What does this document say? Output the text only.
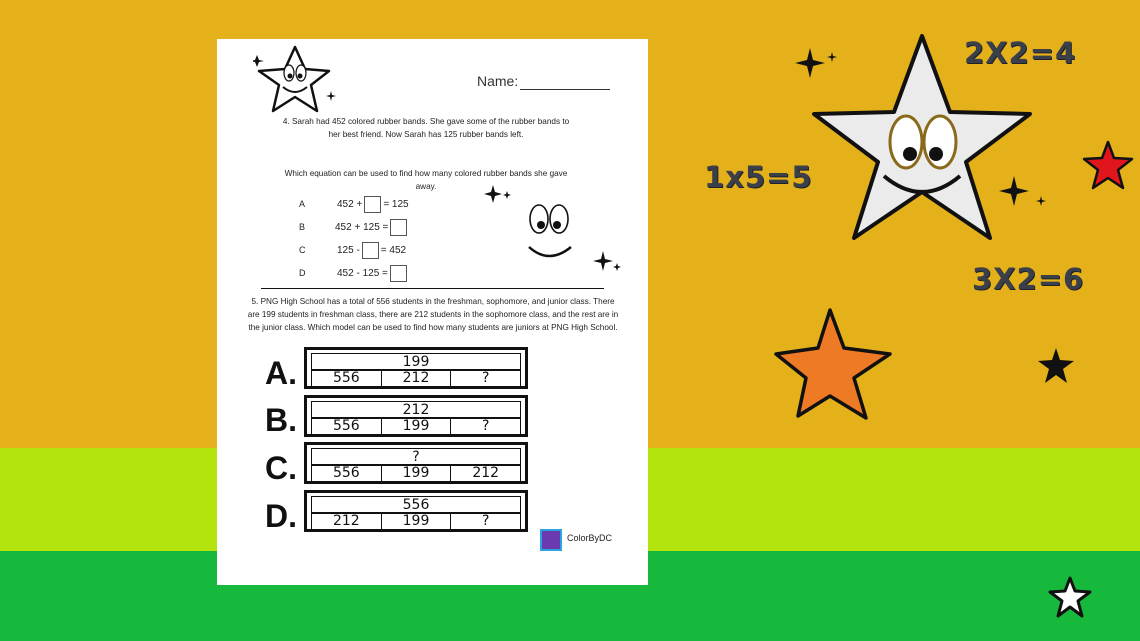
2X2=4
1x5=5
3X2=6
Name:
4. Sarah had 452 colored rubber bands. She gave some of the rubber bands to her best friend. Now Sarah has 125 rubber bands left.
Which equation can be used to find how many colored rubber bands she gave away.
A	452 + = 125
B	452 + 125 =
C	125 - = 452
D	452 - 125 =
5. PNG High School has a total of 556 students in the freshman, sophomore, and junior class. There are 199 students in freshman class, there are 212 students in the sophomore class, and the rest are in the junior class. Which model can be used to find how many students are juniors at PNG High School.
A.	199
556	212	?
B.	212
556	199	?
C.	?
556	199	212
D.	556
212	199	?
ColorByDC
